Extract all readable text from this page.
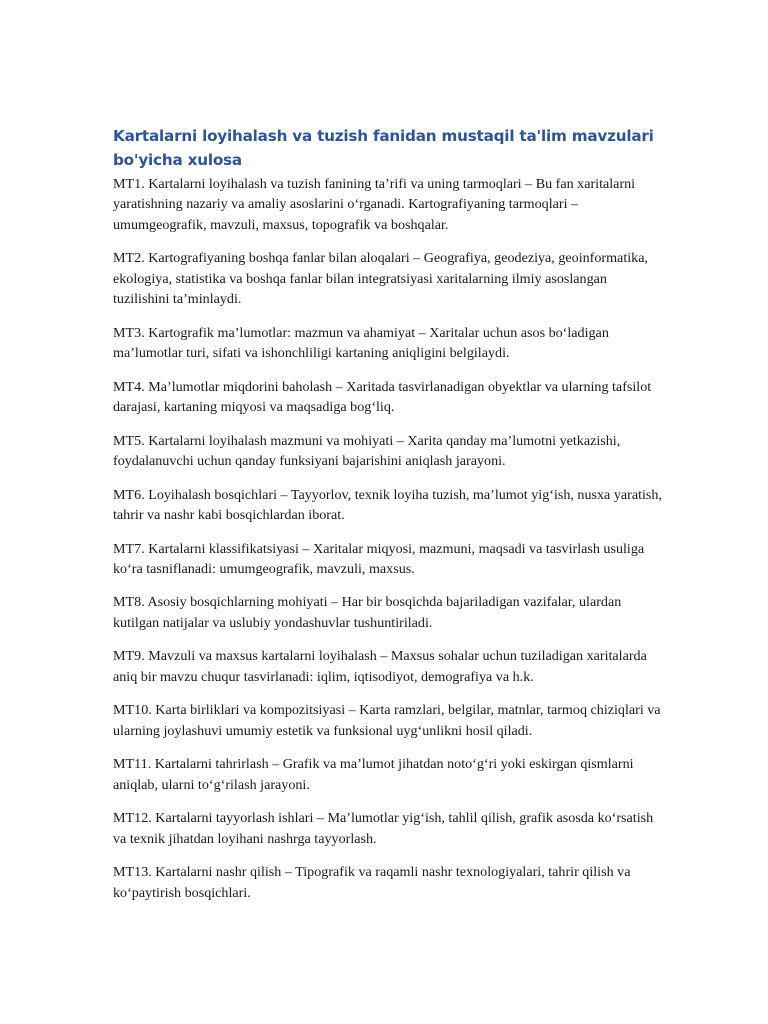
Kartalarni loyihalash va tuzish fanidan mustaqil ta'lim mavzulari bo'yicha xulosa

MT1. Kartalarni loyihalash va tuzish fanining ta’rifi va uning tarmoqlari – Bu fan xaritalarni yaratishning nazariy va amaliy asoslarini o‘rganadi. Kartografiyaning tarmoqlari – umumgeografik, mavzuli, maxsus, topografik va boshqalar.

MT2. Kartografiyaning boshqa fanlar bilan aloqalari – Geografiya, geodeziya, geoinformatika, ekologiya, statistika va boshqa fanlar bilan integratsiyasi xaritalarning ilmiy asoslangan tuzilishini ta’minlaydi.

MT3. Kartografik ma’lumotlar: mazmun va ahamiyat – Xaritalar uchun asos bo‘ladigan ma’lumotlar turi, sifati va ishonchliligi kartaning aniqligini belgilaydi.

MT4. Ma’lumotlar miqdorini baholash – Xaritada tasvirlanadigan obyektlar va ularning tafsilot darajasi, kartaning miqyosi va maqsadiga bog‘liq.

MT5. Kartalarni loyihalash mazmuni va mohiyati – Xarita qanday ma’lumotni yetkazishi, foydalanuvchi uchun qanday funksiyani bajarishini aniqlash jarayoni.

MT6. Loyihalash bosqichlari – Tayyorlov, texnik loyiha tuzish, ma’lumot yig‘ish, nusxa yaratish, tahrir va nashr kabi bosqichlardan iborat.

MT7. Kartalarni klassifikatsiyasi – Xaritalar miqyosi, mazmuni, maqsadi va tasvirlash usuliga ko‘ra tasniflanadi: umumgeografik, mavzuli, maxsus.

MT8. Asosiy bosqichlarning mohiyati – Har bir bosqichda bajariladigan vazifalar, ulardan kutilgan natijalar va uslubiy yondashuvlar tushuntiriladi.

MT9. Mavzuli va maxsus kartalarni loyihalash – Maxsus sohalar uchun tuziladigan xaritalarda aniq bir mavzu chuqur tasvirlanadi: iqlim, iqtisodiyot, demografiya va h.k.

MT10. Karta birliklari va kompozitsiyasi – Karta ramzlari, belgilar, matnlar, tarmoq chiziqlari va ularning joylashuvi umumiy estetik va funksional uyg‘unlikni hosil qiladi.

MT11. Kartalarni tahrirlash – Grafik va ma’lumot jihatdan noto‘g‘ri yoki eskirgan qismlarni aniqlab, ularni to‘g‘rilash jarayoni.

MT12. Kartalarni tayyorlash ishlari – Ma’lumotlar yig‘ish, tahlil qilish, grafik asosda ko‘rsatish va texnik jihatdan loyihani nashrga tayyorlash.

MT13. Kartalarni nashr qilish – Tipografik va raqamli nashr texnologiyalari, tahrir qilish va ko‘paytirish bosqichlari.
